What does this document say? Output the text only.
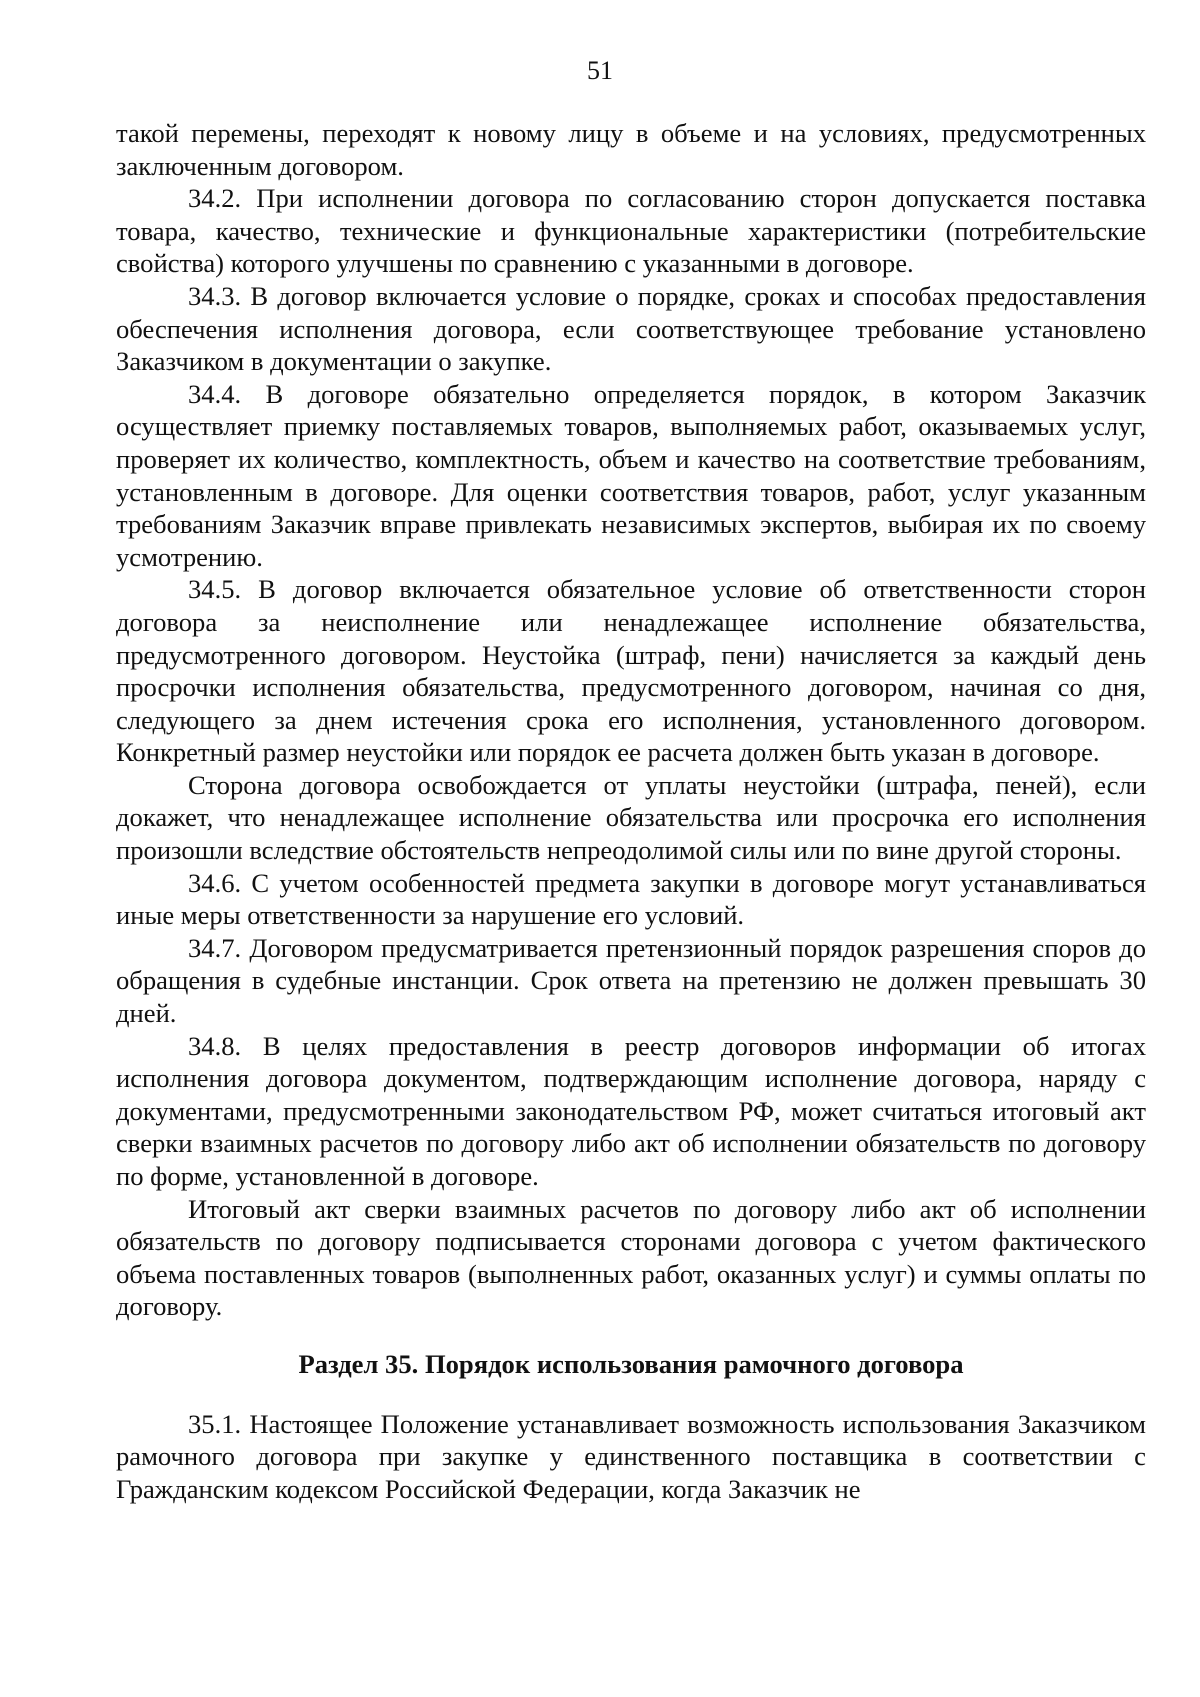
51

такой перемены, переходят к новому лицу в объеме и на условиях, предусмотренных заключенным договором.

34.2. При исполнении договора по согласованию сторон допускается поставка товара, качество, технические и функциональные характеристики (потребительские свойства) которого улучшены по сравнению с указанными в договоре.

34.3. В договор включается условие о порядке, сроках и способах предоставления обеспечения исполнения договора, если соответствующее требование установлено Заказчиком в документации о закупке.

34.4. В договоре обязательно определяется порядок, в котором Заказчик осуществляет приемку поставляемых товаров, выполняемых работ, оказываемых услуг, проверяет их количество, комплектность, объем и качество на соответствие требованиям, установленным в договоре. Для оценки соответствия товаров, работ, услуг указанным требованиям Заказчик вправе привлекать независимых экспертов, выбирая их по своему усмотрению.

34.5. В договор включается обязательное условие об ответственности сторон договора за неисполнение или ненадлежащее исполнение обязательства, предусмотренного договором. Неустойка (штраф, пени) начисляется за каждый день просрочки исполнения обязательства, предусмотренного договором, начиная со дня, следующего за днем истечения срока его исполнения, установленного договором. Конкретный размер неустойки или порядок ее расчета должен быть указан в договоре.

Сторона договора освобождается от уплаты неустойки (штрафа, пеней), если докажет, что ненадлежащее исполнение обязательства или просрочка его исполнения произошли вследствие обстоятельств непреодолимой силы или по вине другой стороны.

34.6. С учетом особенностей предмета закупки в договоре могут устанавливаться иные меры ответственности за нарушение его условий.

34.7. Договором предусматривается претензионный порядок разрешения споров до обращения в судебные инстанции. Срок ответа на претензию не должен превышать 30 дней.

34.8. В целях предоставления в реестр договоров информации об итогах исполнения договора документом, подтверждающим исполнение договора, наряду с документами, предусмотренными законодательством РФ, может считаться итоговый акт сверки взаимных расчетов по договору либо акт об исполнении обязательств по договору по форме, установленной в договоре.

Итоговый акт сверки взаимных расчетов по договору либо акт об исполнении обязательств по договору подписывается сторонами договора с учетом фактического объема поставленных товаров (выполненных работ, оказанных услуг) и суммы оплаты по договору.

Раздел 35. Порядок использования рамочного договора

35.1. Настоящее Положение устанавливает возможность использования Заказчиком рамочного договора при закупке у единственного поставщика в соответствии с Гражданским кодексом Российской Федерации, когда Заказчик не
